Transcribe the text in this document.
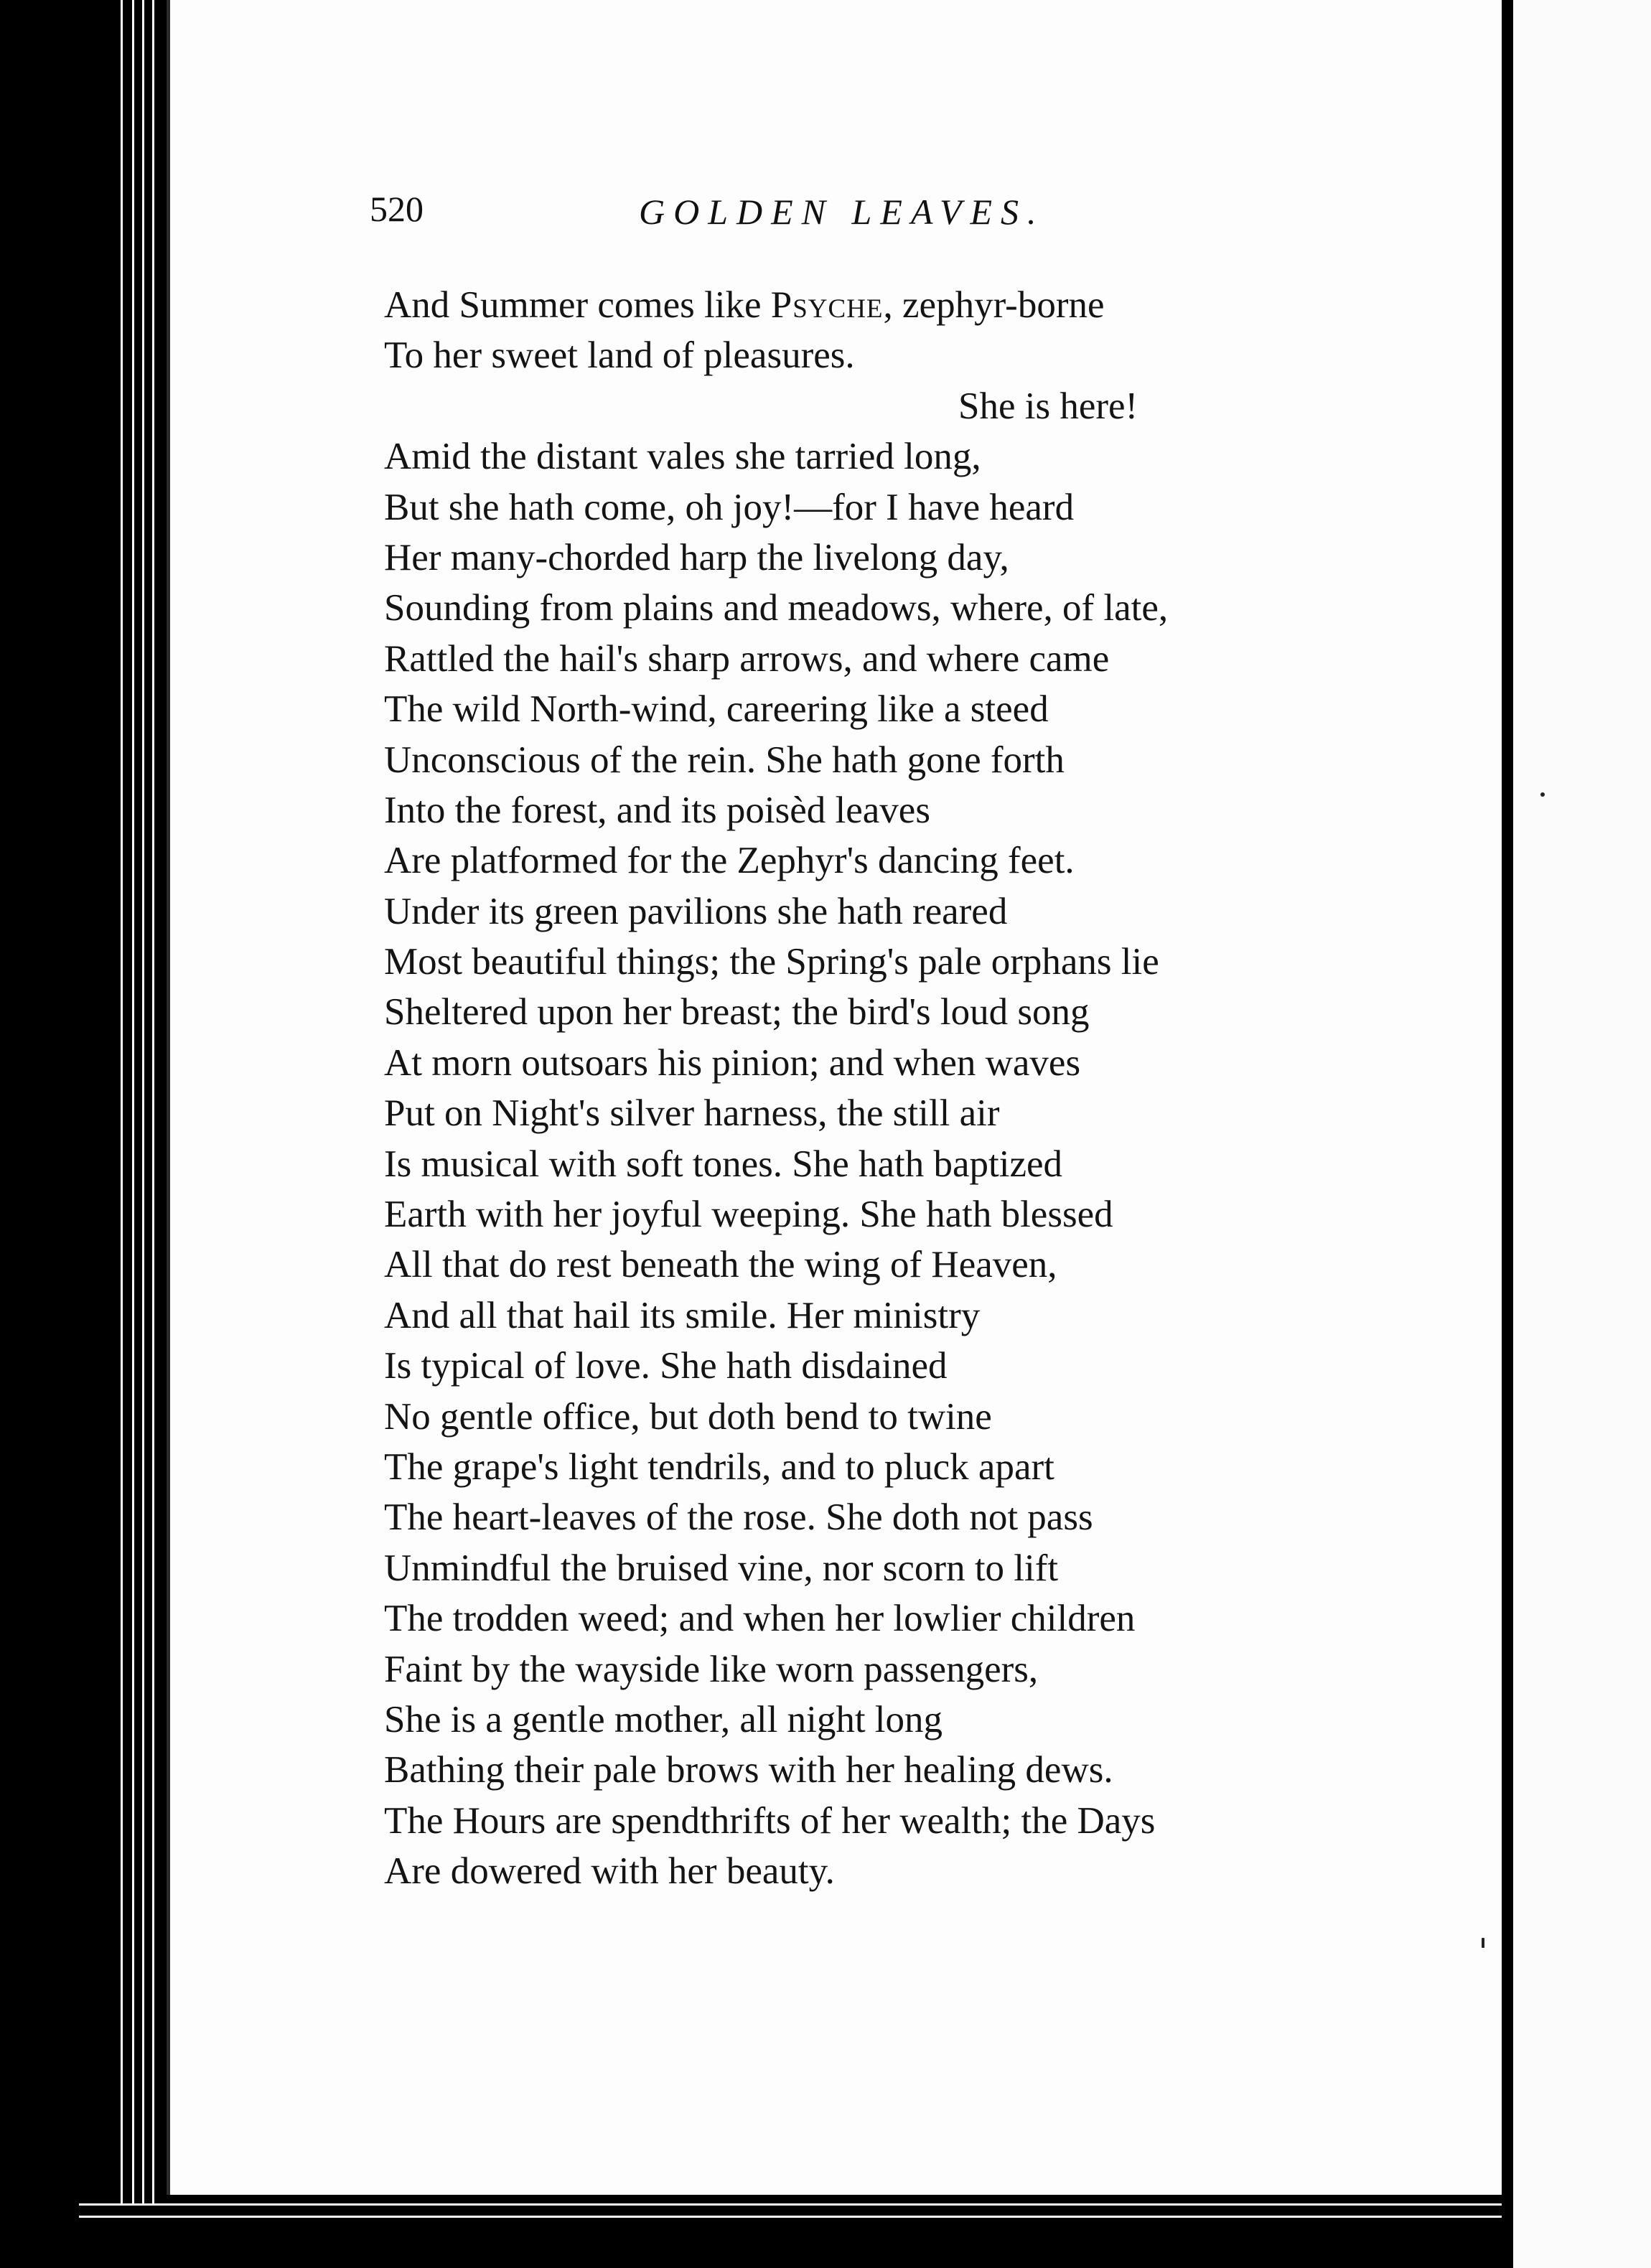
520	GOLDEN LEAVES.
And Summer comes like Psyche, zephyr-borne
To her sweet land of pleasures.
She is here!
Amid the distant vales she tarried long,
But she hath come, oh joy!—for I have heard
Her many-chorded harp the livelong day,
Sounding from plains and meadows, where, of late,
Rattled the hail's sharp arrows, and where came
The wild North-wind, careering like a steed
Unconscious of the rein. She hath gone forth
Into the forest, and its poisèd leaves
Are platformed for the Zephyr's dancing feet.
Under its green pavilions she hath reared
Most beautiful things; the Spring's pale orphans lie
Sheltered upon her breast; the bird's loud song
At morn outsoars his pinion; and when waves
Put on Night's silver harness, the still air
Is musical with soft tones. She hath baptized
Earth with her joyful weeping. She hath blessed
All that do rest beneath the wing of Heaven,
And all that hail its smile. Her ministry
Is typical of love. She hath disdained
No gentle office, but doth bend to twine
The grape's light tendrils, and to pluck apart
The heart-leaves of the rose. She doth not pass
Unmindful the bruised vine, nor scorn to lift
The trodden weed; and when her lowlier children
Faint by the wayside like worn passengers,
She is a gentle mother, all night long
Bathing their pale brows with her healing dews.
The Hours are spendthrifts of her wealth; the Days
Are dowered with her beauty.
